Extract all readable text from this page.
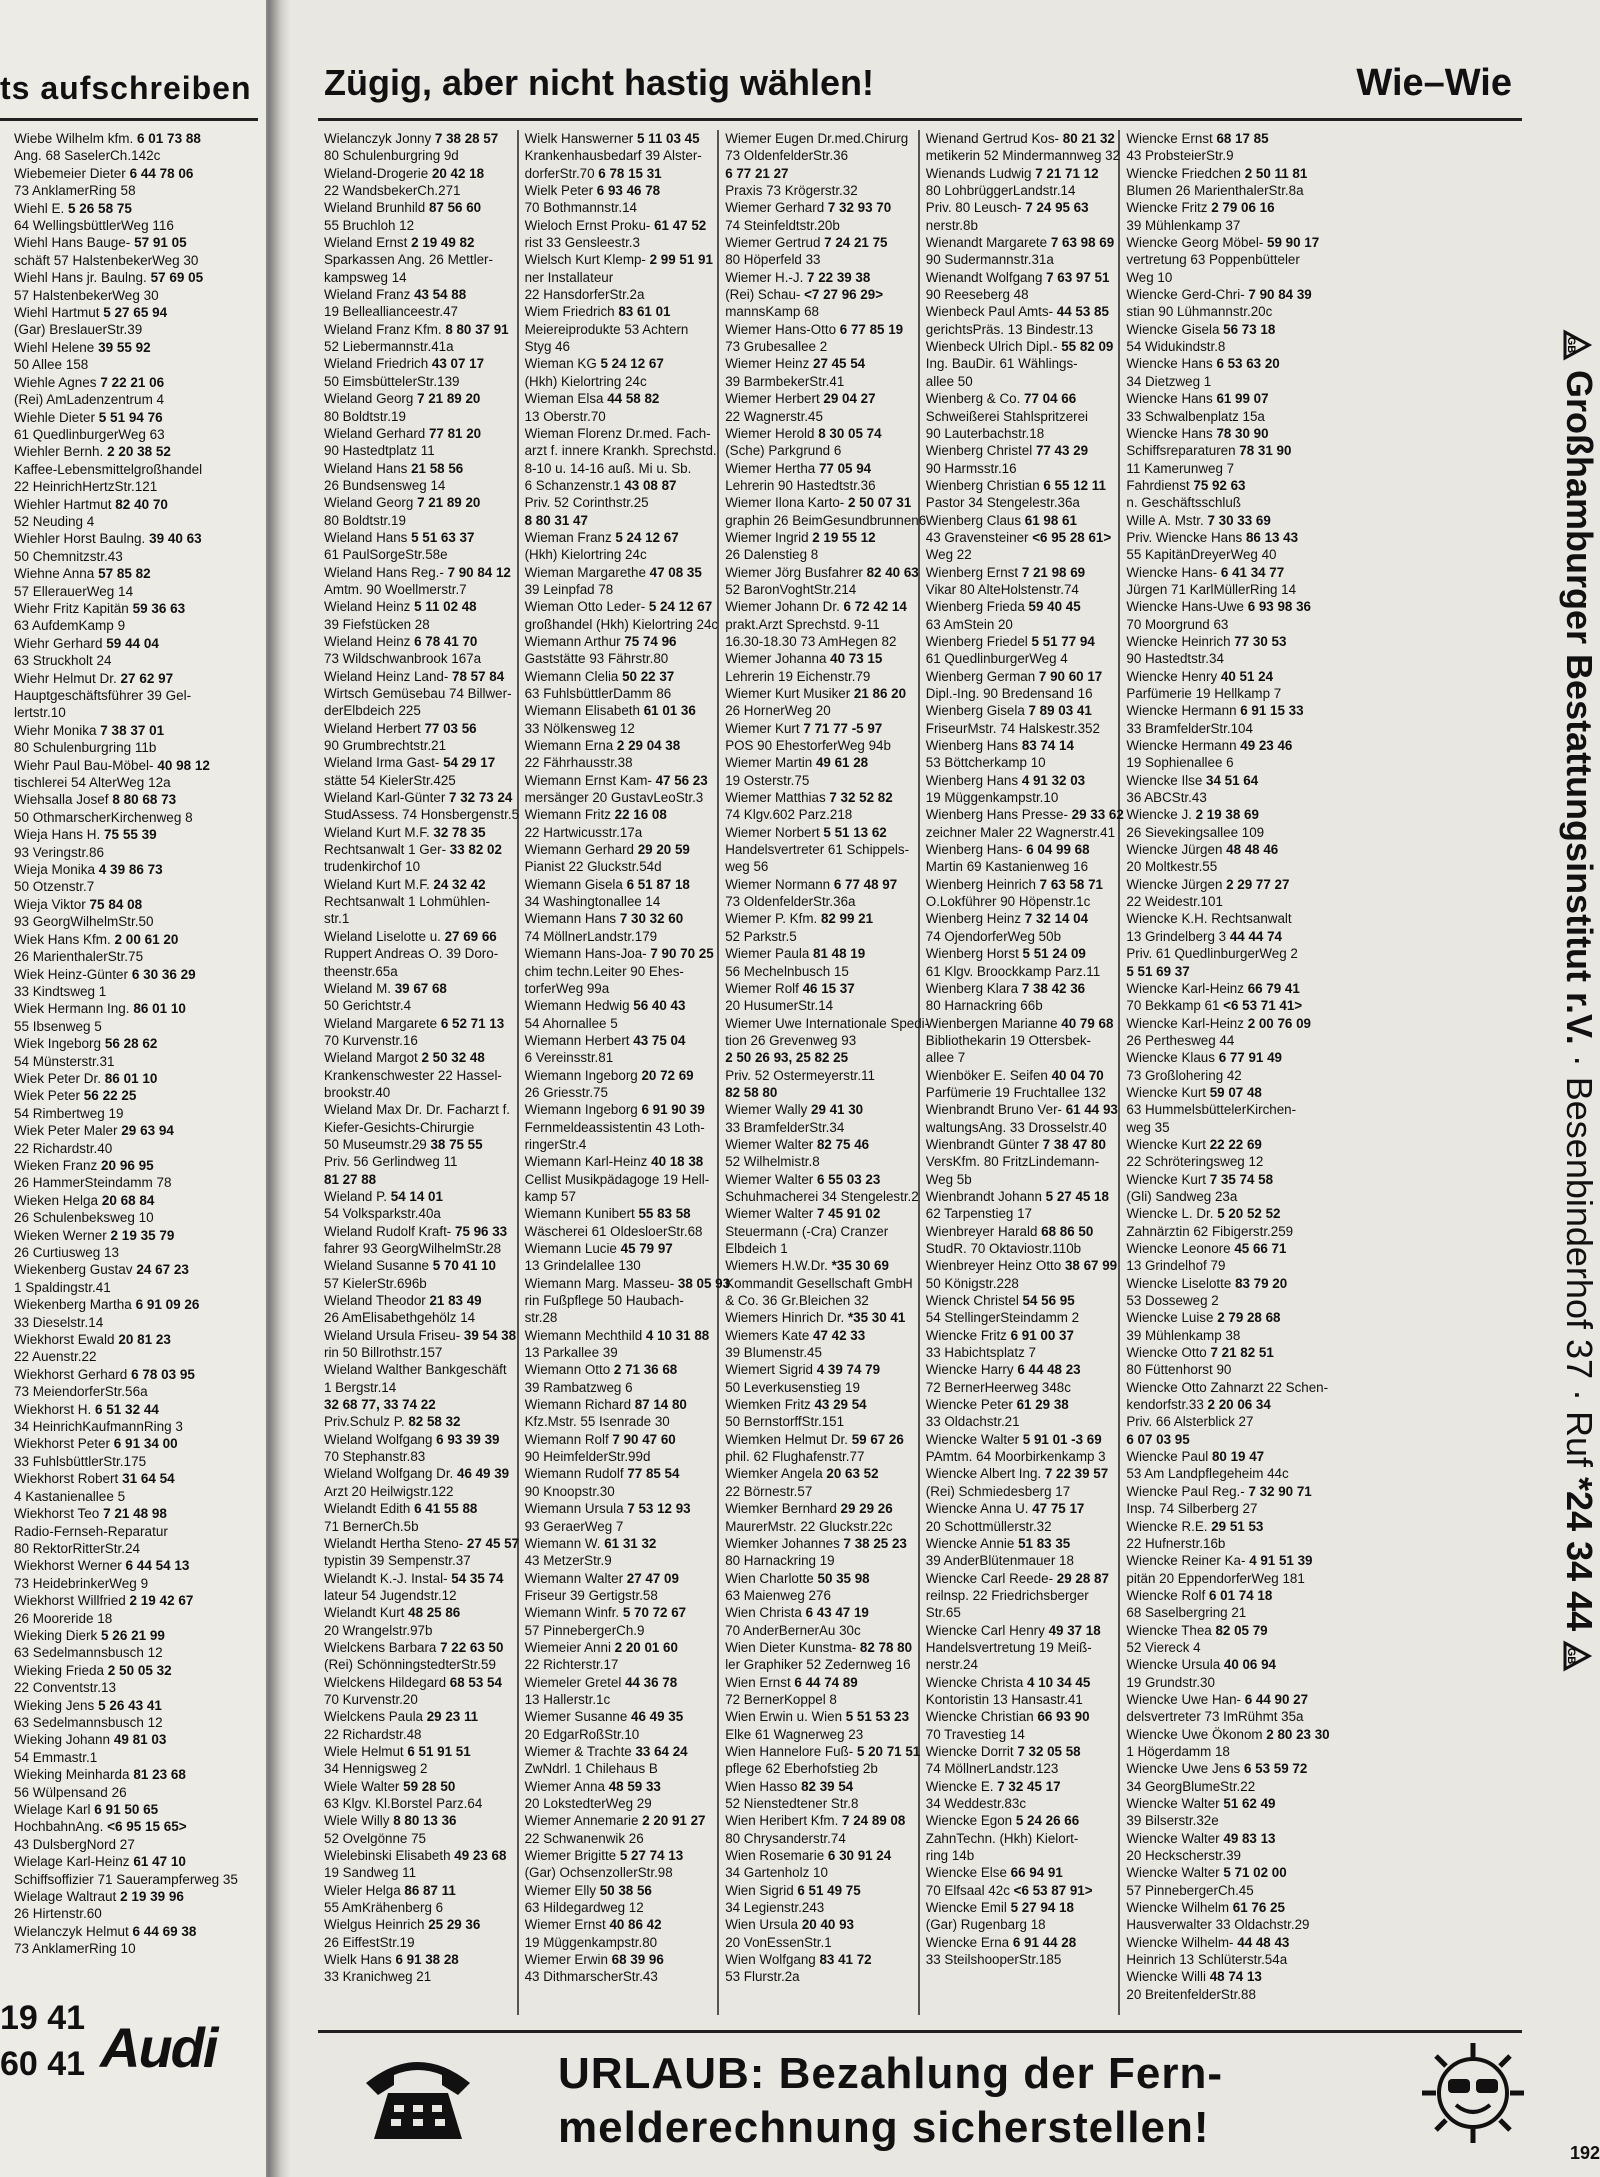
ts aufschreiben
Wiebe Wilhelm kfm. 6 01 73 88
Ang. 68 SaselerCh.142c
Wiebemeier Dieter 6 44 78 06
73 AnklamerRing 58
Wiehl E. 5 26 58 75
64 WellingsbüttlerWeg 116
Wiehl Hans Bauge- 57 91 05
schäft 57 HalstenbekerWeg 30
Wiehl Hans jr. Baulng. 57 69 05
57 HalstenbekerWeg 30
Wiehl Hartmut 5 27 65 94
(Gar) BreslauerStr.39
Wiehl Helene 39 55 92
50 Allee 158
Wiehle Agnes 7 22 21 06
(Rei) AmLadenzentrum 4
Wiehle Dieter 5 51 94 76
61 QuedlinburgerWeg 63
Wiehler Bernh. 2 20 38 52
Kaffee-Lebensmittelgroßhandel
22 HeinrichHertzStr.121
Wiehler Hartmut 82 40 70
52 Neuding 4
Wiehler Horst Baulng. 39 40 63
50 Chemnitzstr.43
Wiehne Anna 57 85 82
57 EllerauerWeg 14
Wiehr Fritz Kapitän 59 36 63
63 AufdemKamp 9
Wiehr Gerhard 59 44 04
63 Struckholt 24
Wiehr Helmut Dr. 27 62 97
Hauptgeschäftsführer 39 Gel-
lertstr.10
Wiehr Monika 7 38 37 01
80 Schulenburgring 11b
Wiehr Paul Bau-Möbel- 40 98 12
tischlerei 54 AlterWeg 12a
Wiehsalla Josef 8 80 68 73
50 OthmarscherKirchenweg 8
Wieja Hans H. 75 55 39
93 Veringstr.86
Wieja Monika 4 39 86 73
50 Otzenstr.7
Wieja Viktor 75 84 08
93 GeorgWilhelmStr.50
Wiek Hans Kfm. 2 00 61 20
26 MarienthalerStr.75
Wiek Heinz-Günter 6 30 36 29
33 Kindtsweg 1
Wiek Hermann Ing. 86 01 10
55 Ibsenweg 5
Wiek Ingeborg 56 28 62
54 Münsterstr.31
Wiek Peter Dr. 86 01 10
Wiek Peter 56 22 25
54 Rimbertweg 19
Wiek Peter Maler 29 63 94
22 Richardstr.40
Wieken Franz 20 96 95
26 HammerSteindamm 78
Wieken Helga 20 68 84
26 Schulenbeksweg 10
Wieken Werner 2 19 35 79
26 Curtiusweg 13
Wiekenberg Gustav 24 67 23
1 Spaldingstr.41
Wiekenberg Martha 6 91 09 26
33 Dieselstr.14
Wiekhorst Ewald 20 81 23
22 Auenstr.22
Wiekhorst Gerhard 6 78 03 95
73 MeiendorferStr.56a
Wiekhorst H. 6 51 32 44
34 HeinrichKaufmannRing 3
Wiekhorst Peter 6 91 34 00
33 FuhlsbüttlerStr.175
Wiekhorst Robert 31 64 54
4 Kastanienallee 5
Wiekhorst Teo 7 21 48 98
Radio-Fernseh-Reparatur
80 RektorRitterStr.24
Wiekhorst Werner 6 44 54 13
73 HeidebrinkerWeg 9
Wiekhorst Willfried 2 19 42 67
26 Mooreride 18
Wieking Dierk 5 26 21 99
63 Sedelmannsbusch 12
Wieking Frieda 2 50 05 32
22 Conventstr.13
Wieking Jens 5 26 43 41
63 Sedelmannsbusch 12
Wieking Johann 49 81 03
54 Emmastr.1
Wieking Meinharda 81 23 68
56 Wülpensand 26
Wielage Karl 6 91 50 65
HochbahnAng. <6 95 15 65>
43 DulsbergNord 27
Wielage Karl-Heinz 61 47 10
Schiffsoffizier 71 Sauerampferweg 35
Wielage Waltraut 2 19 39 96
26 Hirtenstr.60
Wielanczyk Helmut 6 44 69 38
73 AnklamerRing 10
19 41
60 41 Audi
Zügig, aber nicht hastig wählen!	Wie–Wie
Wielanczyk Jonny 7 38 28 57
80 Schulenburgring 9d
Wieland-Drogerie 20 42 18
22 WandsbekerCh.271
Wieland Brunhild 87 56 60
55 Bruchloh 12
Wieland Ernst 2 19 49 82
Sparkassen Ang. 26 Mettler-
kampsweg 14
Wieland Franz 43 54 88
19 Belleallianceestr.47
Wieland Franz Kfm. 8 80 37 91
52 Liebermannstr.41a
Wieland Friedrich 43 07 17
50 EimsbüttelerStr.139
Wieland Georg 7 21 89 20
80 Boldtstr.19
Wieland Gerhard 77 81 20
90 Hastedtplatz 11
Wieland Hans 21 58 56
26 Bundsensweg 14
Wieland Georg 7 21 89 20
80 Boldtstr.19
Wieland Hans 5 51 63 37
61 PaulSorgeStr.58e
Wieland Hans Reg.- 7 90 84 12
Amtm. 90 Woellmerstr.7
Wieland Heinz 5 11 02 48
39 Fiefstücken 28
Wieland Heinz 6 78 41 70
73 Wildschwanbrook 167a
Wieland Heinz Land- 78 57 84
Wirtsch Gemüsebau 74 Billwer-
derElbdeich 225
Wieland Herbert 77 03 56
90 Grumbrechtstr.21
Wieland Irma Gast- 54 29 17
stätte 54 KielerStr.425
Wieland Karl-Günter 7 32 73 24
StudAssess. 74 Honsbergenstr.5
Wieland Kurt M.F. 32 78 35
Rechtsanwalt 1 Ger- 33 82 02
trudenkirchof 10
Wieland Kurt M.F. 24 32 42
Rechtsanwalt 1 Lohmühlen-
str.1
Wieland Liselotte u. 27 69 66
Ruppert Andreas O. 39 Doro-
theenstr.65a
Wieland M. 39 67 68
50 Gerichtstr.4
Wieland Margarete 6 52 71 13
70 Kurvenstr.16
Wieland Margot 2 50 32 48
Krankenschwester 22 Hassel-
brookstr.40
Wieland Max Dr. Dr. Facharzt f.
Kiefer-Gesichts-Chirurgie
50 Museumstr.29 38 75 55
Priv. 56 Gerlindweg 11
81 27 88
Wieland P. 54 14 01
54 Volksparkstr.40a
Wieland Rudolf Kraft- 75 96 33
fahrer 93 GeorgWilhelmStr.28
Wieland Susanne 5 70 41 10
57 KielerStr.696b
Wieland Theodor 21 83 49
26 AmElisabethgehölz 14
Wieland Ursula Friseu- 39 54 38
rin 50 Billrothstr.157
Wieland Walther Bankgeschäft
1 Bergstr.14
32 68 77, 33 74 22
Priv.Schulz P. 82 58 32
Wieland Wolfgang 6 93 39 39
70 Stephanstr.83
Wieland Wolfgang Dr. 46 49 39
Arzt 20 Heilwigstr.122
Wielandt Edith 6 41 55 88
71 BernerCh.5b
Wielandt Hertha Steno- 27 45 57
typistin 39 Sempenstr.37
Wielandt K.-J. Instal- 54 35 74
lateur 54 Jugendstr.12
Wielandt Kurt 48 25 86
20 Wrangelstr.97b
Wielckens Barbara 7 22 63 50
(Rei) SchönningstedterStr.59
Wielckens Hildegard 68 53 54
70 Kurvenstr.20
Wielckens Paula 29 23 11
22 Richardstr.48
Wiele Helmut 6 51 91 51
34 Hennigsweg 2
Wiele Walter 59 28 50
63 Klgv. Kl.Borstel Parz.64
Wiele Willy 8 80 13 36
52 Ovelgönne 75
Wielebinski Elisabeth 49 23 68
19 Sandweg 11
Wieler Helga 86 87 11
55 AmKrähenberg 6
Wielgus Heinrich 25 29 36
26 EiffestStr.19
Wielk Hans 6 91 38 28
33 Kranichweg 21
Wielk Hanswerner 5 11 03 45
Krankenhausbedarf 39 Alster-
dorferStr.70 6 78 15 31
Wielk Peter 6 93 46 78
70 Bothmannstr.14
Wieloch Ernst Proku- 61 47 52
rist 33 Gensleestr.3
Wielsch Kurt Klemp- 2 99 51 91
ner Installateur
22 HansdorferStr.2a
Wiem Friedrich 83 61 01
Meiereiprodukte 53 Achtern
Styg 46
Wieman KG 5 24 12 67
(Hkh) Kielortring 24c
Wieman Elsa 44 58 82
13 Oberstr.70
Wieman Florenz Dr.med. Fach-
arzt f. innere Krankh. Sprechstd.
8-10 u. 14-16 auß. Mi u. Sb.
6 Schanzenstr.1 43 08 87
Priv. 52 Corinthstr.25
8 80 31 47
Wieman Franz 5 24 12 67
(Hkh) Kielortring 24c
Wieman Margarethe 47 08 35
39 Leinpfad 78
Wieman Otto Leder- 5 24 12 67
großhandel (Hkh) Kielortring 24c
Wiemann Arthur 75 74 96
Gaststätte 93 Fährstr.80
Wiemann Clelia 50 22 37
63 FuhlsbüttlerDamm 86
Wiemann Elisabeth 61 01 36
33 Nölkensweg 12
Wiemann Erna 2 29 04 38
22 Fährhausstr.38
Wiemann Ernst Kam- 47 56 23
mersänger 20 GustavLeoStr.3
Wiemann Fritz 22 16 08
22 Hartwicusstr.17a
Wiemann Gerhard 29 20 59
Pianist 22 Gluckstr.54d
Wiemann Gisela 6 51 87 18
34 Washingtonallee 14
Wiemann Hans 7 30 32 60
74 MöllnerLandstr.179
Wiemann Hans-Joa- 7 90 70 25
chim techn.Leiter 90 Ehes-
torferWeg 99a
Wiemann Hedwig 56 40 43
54 Ahornallee 5
Wiemann Herbert 43 75 04
6 Vereinsstr.81
Wiemann Ingeborg 20 72 69
26 Griesstr.75
Wiemann Ingeborg 6 91 90 39
Fernmeldeassistentin 43 Loth-
ringerStr.4
Wiemann Karl-Heinz 40 18 38
Cellist Musikpädagoge 19 Hell-
kamp 57
Wiemann Kunibert 55 83 58
Wäscherei 61 OldesloerStr.68
Wiemann Lucie 45 79 97
13 Grindelallee 130
Wiemann Marg. Masseu- 38 05 93
rin Fußpflege 50 Haubach-
str.28
Wiemann Mechthild 4 10 31 88
13 Parkallee 39
Wiemann Otto 2 71 36 68
39 Rambatzweg 6
Wiemann Richard 87 14 80
Kfz.Mstr. 55 Isenrade 30
Wiemann Rolf 7 90 47 60
90 HeimfelderStr.99d
Wiemann Rudolf 77 85 54
90 Knoopstr.30
Wiemann Ursula 7 53 12 93
93 GeraerWeg 7
Wiemann W. 61 31 32
43 MetzerStr.9
Wiemann Walter 27 47 09
Friseur 39 Gertigstr.58
Wiemann Winfr. 5 70 72 67
57 PinnebergerCh.9
Wiemeier Anni 2 20 01 60
22 Richterstr.17
Wiemeler Gretel 44 36 78
13 Hallerstr.1c
Wiemer Susanne 46 49 35
20 EdgarRoßStr.10
Wiemer & Trachte 33 64 24
ZwNdrl. 1 Chilehaus B
Wiemer Anna 48 59 33
20 LokstedterWeg 29
Wiemer Annemarie 2 20 91 27
22 Schwanenwik 26
Wiemer Brigitte 5 27 74 13
(Gar) OchsenzollerStr.98
Wiemer Elly 50 38 56
63 Hildegardweg 12
Wiemer Ernst 40 86 42
19 Müggenkampstr.80
Wiemer Erwin 68 39 96
43 DithmarscherStr.43
Wiemer Eugen Dr.med.Chirurg
73 OldenfelderStr.36
6 77 21 27
Praxis 73 Krögerstr.32
Wiemer Gerhard 7 32 93 70
74 Steinfeldtstr.20b
Wiemer Gertrud 7 24 21 75
80 Höperfeld 33
Wiemer H.-J. 7 22 39 38
(Rei) Schau- <7 27 96 29>
mannsKamp 68
Wiemer Hans-Otto 6 77 85 19
73 Grubesallee 2
Wiemer Heinz 27 45 54
39 BarmbekerStr.41
Wiemer Herbert 29 04 27
22 Wagnerstr.45
Wiemer Herold 8 30 05 74
(Sche) Parkgrund 6
Wiemer Hertha 77 05 94
Lehrerin 90 Hastedtstr.36
Wiemer Ilona Karto- 2 50 07 31
graphin 26 BeimGesundbrunnen6
Wiemer Ingrid 2 19 55 12
26 Dalenstieg 8
Wiemer Jörg Busfahrer 82 40 63
52 BaronVoghtStr.214
Wiemer Johann Dr. 6 72 42 14
prakt.Arzt Sprechstd. 9-11
16.30-18.30 73 AmHegen 82
Wiemer Johanna 40 73 15
Lehrerin 19 Eichenstr.79
Wiemer Kurt Musiker 21 86 20
26 HornerWeg 20
Wiemer Kurt 7 71 77 -5 97
POS 90 EhestorferWeg 94b
Wiemer Martin 49 61 28
19 Osterstr.75
Wiemer Matthias 7 32 52 82
74 Klgv.602 Parz.218
Wiemer Norbert 5 51 13 62
Handelsvertreter 61 Schippels-
weg 56
Wiemer Normann 6 77 48 97
73 OldenfelderStr.36a
Wiemer P. Kfm. 82 99 21
52 Parkstr.5
Wiemer Paula 81 48 19
56 Mechelnbusch 15
Wiemer Rolf 46 15 37
20 HusumerStr.14
Wiemer Uwe Internationale Spedi-
tion 26 Grevenweg 93
2 50 26 93, 25 82 25
Priv. 52 Ostermeyerstr.11
82 58 80
Wiemer Wally 29 41 30
33 BramfelderStr.34
Wiemer Walter 82 75 46
52 Wilhelmistr.8
Wiemer Walter 6 55 03 23
Schuhmacherei 34 Stengelestr.2
Wiemer Walter 7 45 91 02
Steuermann (-Cra) Cranzer
Elbdeich 1
Wiemers H.W.Dr. *35 30 69
Kommandit Gesellschaft GmbH
& Co. 36 Gr.Bleichen 32
Wiemers Hinrich Dr. *35 30 41
Wiemers Kate 47 42 33
39 Blumenstr.45
Wiemert Sigrid 4 39 74 79
50 Leverkusenstieg 19
Wiemken Fritz 43 29 54
50 BernstorffStr.151
Wiemken Helmut Dr. 59 67 26
phil. 62 Flughafenstr.77
Wiemker Angela 20 63 52
22 Börnestr.57
Wiemker Bernhard 29 29 26
MaurerMstr. 22 Gluckstr.22c
Wiemker Johannes 7 38 25 23
80 Harnackring 19
Wien Charlotte 50 35 98
63 Maienweg 276
Wien Christa 6 43 47 19
70 AnderBernerAu 30c
Wien Dieter Kunstma- 82 78 80
ler Graphiker 52 Zedernweg 16
Wien Ernst 6 44 74 89
72 BernerKoppel 8
Wien Erwin u. Wien 5 51 53 23
Elke 61 Wagnerweg 23
Wien Hannelore Fuß- 5 20 71 51
pflege 62 Eberhofstieg 2b
Wien Hasso 82 39 54
52 Nienstedtener Str.8
Wien Heribert Kfm. 7 24 89 08
80 Chrysanderstr.74
Wien Rosemarie 6 30 91 24
34 Gartenholz 10
Wien Sigrid 6 51 49 75
34 Legienstr.243
Wien Ursula 20 40 93
20 VonEssenStr.1
Wien Wolfgang 83 41 72
53 Flurstr.2a
Wienand Gertrud Kos- 80 21 32
metikerin 52 Mindermannweg 32
Wienands Ludwig 7 21 71 12
80 LohbrüggerLandstr.14
Priv. 80 Leusch- 7 24 95 63
nerstr.8b
Wienandt Margarete 7 63 98 69
90 Sudermannstr.31a
Wienandt Wolfgang 7 63 97 51
90 Reeseberg 48
Wienbeck Paul Amts- 44 53 85
gerichtsPräs. 13 Bindestr.13
Wienbeck Ulrich Dipl.- 55 82 09
Ing. BauDir. 61 Wählings-
allee 50
Wienberg & Co. 77 04 66
Schweißerei Stahlspritzerei
90 Lauterbachstr.18
Wienberg Christel 77 43 29
90 Harmsstr.16
Wienberg Christian 6 55 12 11
Pastor 34 Stengelestr.36a
Wienberg Claus 61 98 61
43 Gravensteiner <6 95 28 61>
Weg 22
Wienberg Ernst 7 21 98 69
Vikar 80 AlteHolstenstr.74
Wienberg Frieda 59 40 45
63 AmStein 20
Wienberg Friedel 5 51 77 94
61 QuedlinburgerWeg 4
Wienberg German 7 90 60 17
Dipl.-Ing. 90 Bredensand 16
Wienberg Gisela 7 89 03 41
FriseurMstr. 74 Halskestr.352
Wienberg Hans 83 74 14
53 Böttcherkamp 10
Wienberg Hans 4 91 32 03
19 Müggenkampstr.10
Wienberg Hans Presse- 29 33 62
zeichner Maler 22 Wagnerstr.41
Wienberg Hans- 6 04 99 68
Martin 69 Kastanienweg 16
Wienberg Heinrich 7 63 58 71
O.Lokführer 90 Höpenstr.1c
Wienberg Heinz 7 32 14 04
74 OjendorferWeg 50b
Wienberg Horst 5 51 24 09
61 Klgv. Broockkamp Parz.11
Wienberg Klara 7 38 42 36
80 Harnackring 66b
Wienbergen Marianne 40 79 68
Bibliothekarin 19 Ottersbek-
allee 7
Wienböker E. Seifen 40 04 70
Parfümerie 19 Fruchtallee 132
Wienbrandt Bruno Ver- 61 44 93
waltungsAng. 33 Drosselstr.40
Wienbrandt Günter 7 38 47 80
VersKfm. 80 FritzLindemann-
Weg 5b
Wienbrandt Johann 5 27 45 18
62 Tarpenstieg 17
Wienbreyer Harald 68 86 50
StudR. 70 Oktaviostr.110b
Wienbreyer Heinz Otto 38 67 99
50 Königstr.228
Wienck Christel 54 56 95
54 StellingerSteindamm 2
Wiencke Fritz 6 91 00 37
33 Habichtsplatz 7
Wiencke Harry 6 44 48 23
72 BernerHeerweg 348c
Wiencke Peter 61 29 38
33 Oldachstr.21
Wiencke Walter 5 91 01 -3 69
PAmtm. 64 Moorbirkenkamp 3
Wiencke Albert Ing. 7 22 39 57
(Rei) Schmiedesberg 17
Wiencke Anna U. 47 75 17
20 Schottmüllerstr.32
Wiencke Annie 51 83 35
39 AnderBlütenmauer 18
Wiencke Carl Reede- 29 28 87
reilnsp. 22 Friedrichsberger
Str.65
Wiencke Carl Henry 49 37 18
Handelsvertretung 19 Meiß-
nerstr.24
Wiencke Christa 4 10 34 45
Kontoristin 13 Hansastr.41
Wiencke Christian 66 93 90
70 Travestieg 14
Wiencke Dorrit 7 32 05 58
74 MöllnerLandstr.123
Wiencke E. 7 32 45 17
34 Weddestr.83c
Wiencke Egon 5 24 26 66
ZahnTechn. (Hkh) Kielort-
ring 14b
Wiencke Else 66 94 91
70 Elfsaal 42c <6 53 87 91>
Wiencke Emil 5 27 94 18
(Gar) Rugenbarg 18
Wiencke Erna 6 91 44 28
33 SteilshooperStr.185
Wiencke Ernst 68 17 85
43 ProbsteierStr.9
Wiencke Friedchen 2 50 11 81
Blumen 26 MarienthalerStr.8a
Wiencke Fritz 2 79 06 16
39 Mühlenkamp 37
Wiencke Georg Möbel- 59 90 17
vertretung 63 Poppenbütteler
Weg 10
Wiencke Gerd-Chri- 7 90 84 39
stian 90 Lühmannstr.20c
Wiencke Gisela 56 73 18
54 Widukindstr.8
Wiencke Hans 6 53 63 20
34 Dietzweg 1
Wiencke Hans 61 99 07
33 Schwalbenplatz 15a
Wiencke Hans 78 30 90
Schiffsreparaturen 78 31 90
11 Kamerunweg 7
Fahrdienst 75 92 63
n. Geschäftsschluß
Wille A. Mstr. 7 30 33 69
Priv. Wiencke Hans 86 13 43
55 KapitänDreyerWeg 40
Wiencke Hans- 6 41 34 77
Jürgen 71 KarlMüllerRing 14
Wiencke Hans-Uwe 6 93 98 36
70 Moorgrund 63
Wiencke Heinrich 77 30 53
90 Hastedtstr.34
Wiencke Henry 40 51 24
Parfümerie 19 Hellkamp 7
Wiencke Hermann 6 91 15 33
33 BramfelderStr.104
Wiencke Hermann 49 23 46
19 Sophienallee 6
Wiencke Ilse 34 51 64
36 ABCStr.43
Wiencke J. 2 19 38 69
26 Sievekingsallee 109
Wiencke Jürgen 48 48 46
20 Moltkestr.55
Wiencke Jürgen 2 29 77 27
22 Weidestr.101
Wiencke K.H. Rechtsanwalt
13 Grindelberg 3 44 44 74
Priv. 61 QuedlinburgerWeg 2
5 51 69 37
Wiencke Karl-Heinz 66 79 41
70 Bekkamp 61 <6 53 71 41>
Wiencke Karl-Heinz 2 00 76 09
26 Perthesweg 44
Wiencke Klaus 6 77 91 49
73 Großlohering 42
Wiencke Kurt 59 07 48
63 HummelsbüttelerKirchen-
weg 35
Wiencke Kurt 22 22 69
22 Schröteringsweg 12
Wiencke Kurt 7 35 74 58
(Gli) Sandweg 23a
Wiencke L. Dr. 5 20 52 52
Zahnärztin 62 Fibigerstr.259
Wiencke Leonore 45 66 71
13 Grindelhof 79
Wiencke Liselotte 83 79 20
53 Dosseweg 2
Wiencke Luise 2 79 28 68
39 Mühlenkamp 38
Wiencke Otto 7 21 82 51
80 Füttenhorst 90
Wiencke Otto Zahnarzt 22 Schen-
kendorfstr.33 2 20 06 34
Priv. 66 Alsterblick 27
6 07 03 95
Wiencke Paul 80 19 47
53 Am Landpflegeheim 44c
Wiencke Paul Reg.- 7 32 90 71
Insp. 74 Silberberg 27
Wiencke R.E. 29 51 53
22 Hufnerstr.16b
Wiencke Reiner Ka- 4 91 51 39
pitän 20 EppendorferWeg 181
Wiencke Rolf 6 01 74 18
68 Saselbergring 21
Wiencke Thea 82 05 79
52 Viereck 4
Wiencke Ursula 40 06 94
19 Grundstr.30
Wiencke Uwe Han- 6 44 90 27
delsvertreter 73 ImRühmt 35a
Wiencke Uwe Ökonom 2 80 23 30
1 Högerdamm 18
Wiencke Uwe Jens 6 53 59 72
34 GeorgBlumeStr.22
Wiencke Walter 51 62 49
39 Bilserstr.32e
Wiencke Walter 49 83 13
20 Heckscherstr.39
Wiencke Walter 5 71 02 00
57 PinnebergerCh.45
Wiencke Wilhelm 61 76 25
Hausverwalter 33 Oldachstr.29
Wiencke Wilhelm- 44 48 43
Heinrich 13 Schlüterstr.54a
Wiencke Willi 48 74 13
20 BreitenfelderStr.88
GB
Großhamburger Bestattungsinstitut r.V. · Besenbinderhof 37 · Ruf *24 34 44
GB
URLAUB: Bezahlung der Fern-
melderechnung sicherstellen!
192
